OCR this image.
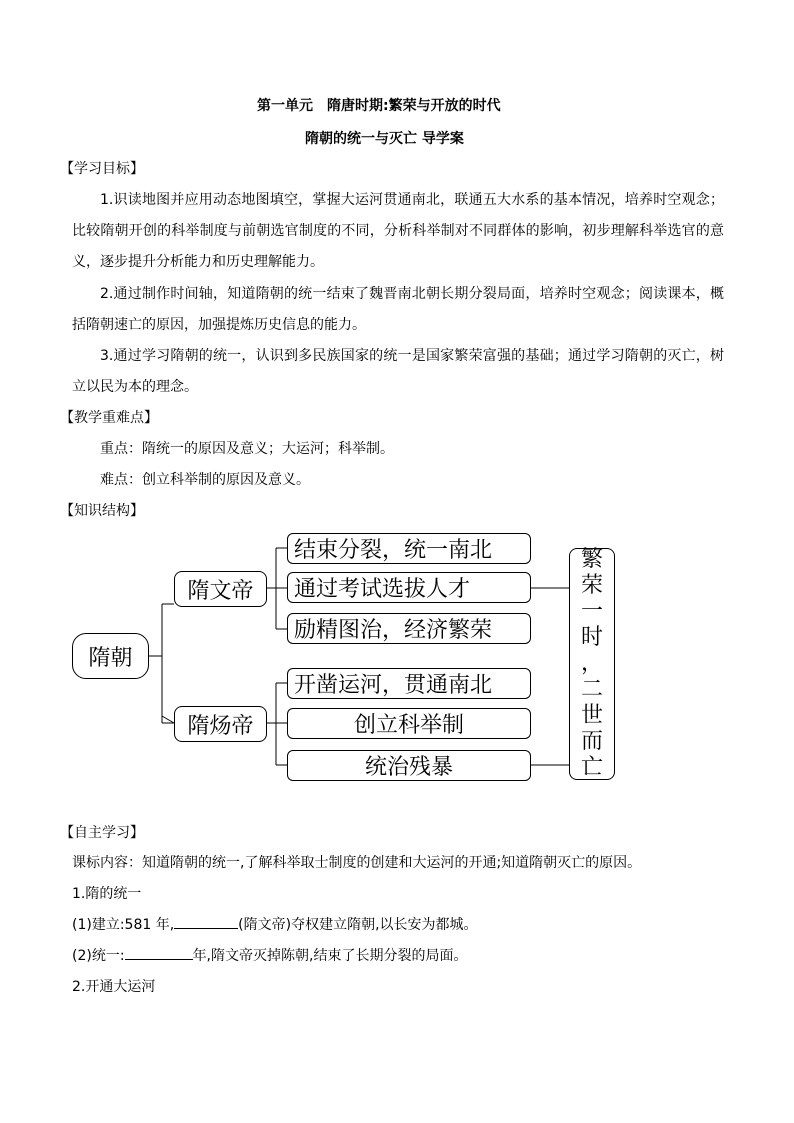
第一单元　隋唐时期:繁荣与开放的时代
隋朝的统一与灭亡 导学案
【学习目标】
1.识读地图并应用动态地图填空，掌握大运河贯通南北，联通五大水系的基本情况，培养时空观念；比较隋朝开创的科举制度与前朝选官制度的不同，分析科举制对不同群体的影响，初步理解科举选官的意义，逐步提升分析能力和历史理解能力。
2.通过制作时间轴，知道隋朝的统一结束了魏晋南北朝长期分裂局面，培养时空观念；阅读课本，概括隋朝速亡的原因，加强提炼历史信息的能力。
3.通过学习隋朝的统一，认识到多民族国家的统一是国家繁荣富强的基础；通过学习隋朝的灭亡，树立以民为本的理念。
【教学重难点】
重点：隋统一的原因及意义；大运河；科举制。
难点：创立科举制的原因及意义。
【知识结构】
隋朝
隋文帝
隋炀帝
结束分裂，统一南北
通过考试选拔人才
励精图治，经济繁荣
开凿运河，贯通南北
创立科举制
统治残暴
繁
荣
一
时
，
二
世
而
亡
【自主学习】
课标内容：知道隋朝的统一,了解科举取士制度的创建和大运河的开通;知道隋朝灭亡的原因。
1.隋的统一
(1)建立:581 年,	(隋文帝)夺权建立隋朝,以长安为都城。
(2)统一:	年,隋文帝灭掉陈朝,结束了长期分裂的局面。
2.开通大运河
